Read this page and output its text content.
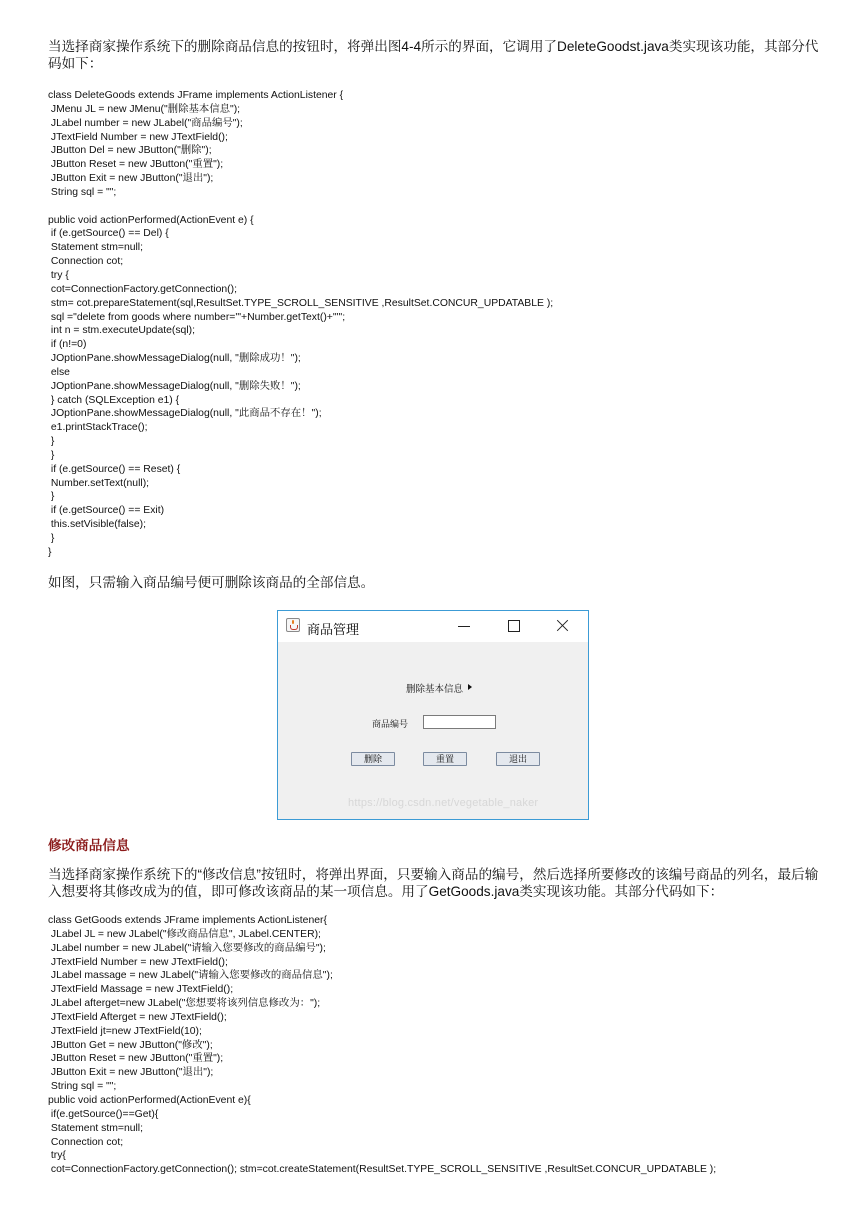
当选择商家操作系统下的删除商品信息的按钮时，将弹出图4-4所示的界面，它调用了DeleteGoodst.java类实现该功能，其部分代码如下：

class DeleteGoods extends JFrame implements ActionListener {
JMenu JL = new JMenu("删除基本信息");
JLabel number = new JLabel("商品编号");
JTextField Number = new JTextField();
JButton Del = new JButton("删除");
JButton Reset = new JButton("重置");
JButton Exit = new JButton("退出");
String sql = "";
public void actionPerformed(ActionEvent e) {
if (e.getSource() == Del) {
Statement stm=null;
Connection cot;
try {
cot=ConnectionFactory.getConnection();
stm= cot.prepareStatement(sql,ResultSet.TYPE_SCROLL_SENSITIVE ,ResultSet.CONCUR_UPDATABLE );
sql ="delete from goods where number='"+Number.getText()+"'";
int n = stm.executeUpdate(sql);
if (n!=0)
JOptionPane.showMessageDialog(null, "删除成功！");
else
JOptionPane.showMessageDialog(null, "删除失败！");
} catch (SQLException e1) {
JOptionPane.showMessageDialog(null, "此商品不存在！");
e1.printStackTrace();
}
}
if (e.getSource() == Reset) {
Number.setText(null);
}
if (e.getSource() == Exit)
this.setVisible(false);
}
}

如图，只需输入商品编号便可删除该商品的全部信息。

商品管理
删除基本信息
商品编号
删除	重置	退出
https://blog.csdn.net/vegetable_naker

修改商品信息

当选择商家操作系统下的“修改信息”按钮时，将弹出界面，只要输入商品的编号，然后选择所要修改的该编号商品的列名，最后输入想要将其修改成为的值，即可修改该商品的某一项信息。用了GetGoods.java类实现该功能。其部分代码如下：

class GetGoods extends JFrame implements ActionListener{
JLabel JL = new JLabel("修改商品信息", JLabel.CENTER);
JLabel number = new JLabel("请输入您要修改的商品编号");
JTextField Number = new JTextField();
JLabel massage = new JLabel("请输入您要修改的商品信息");
JTextField Massage = new JTextField();
JLabel afterget=new JLabel("您想要将该列信息修改为：");
JTextField Afterget = new JTextField();
JTextField jt=new JTextField(10);
JButton Get = new JButton("修改");
JButton Reset = new JButton("重置");
JButton Exit = new JButton("退出");
String sql = "";
public void actionPerformed(ActionEvent e){
if(e.getSource()==Get){
Statement stm=null;
Connection cot;
try{
cot=ConnectionFactory.getConnection(); stm=cot.createStatement(ResultSet.TYPE_SCROLL_SENSITIVE ,ResultSet.CONCUR_UPDATABLE );
